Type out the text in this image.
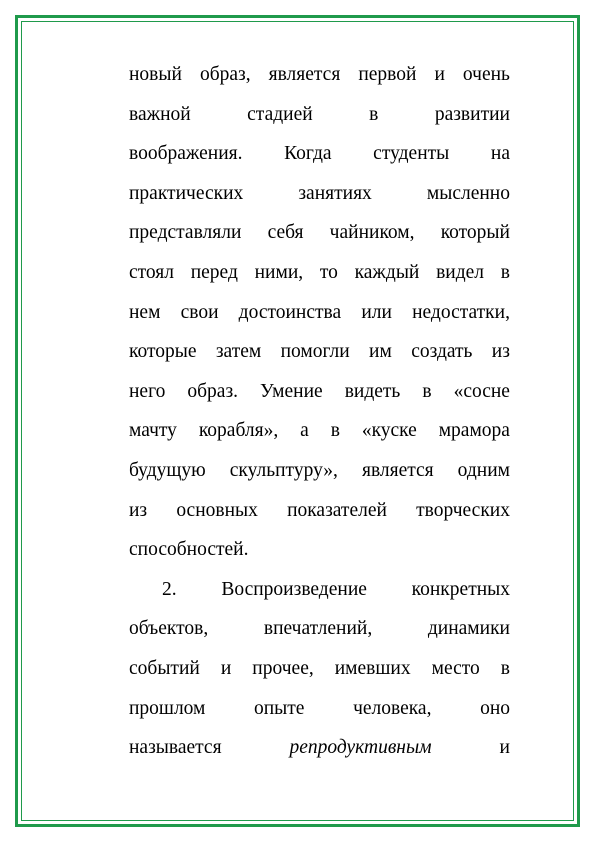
новый образ, является первой и очень
важной	стадией	в	развитии
воображения. Когда студенты на
практических	занятиях	мысленно
представляли себя чайником, который
стоял перед ними, то каждый видел в
нем свои достоинства или недостатки,
которые затем помогли им создать из
него образ. Умение видеть в «сосне
мачту корабля», а в «куске мрамора
будущую скульптуру», является одним
из основных показателей творческих
способностей.
2. Воспроизведение конкретных
объектов,	впечатлений,	динамики
событий и прочее, имевших место в
прошлом опыте человека, оно
называется	репродуктивным	и
